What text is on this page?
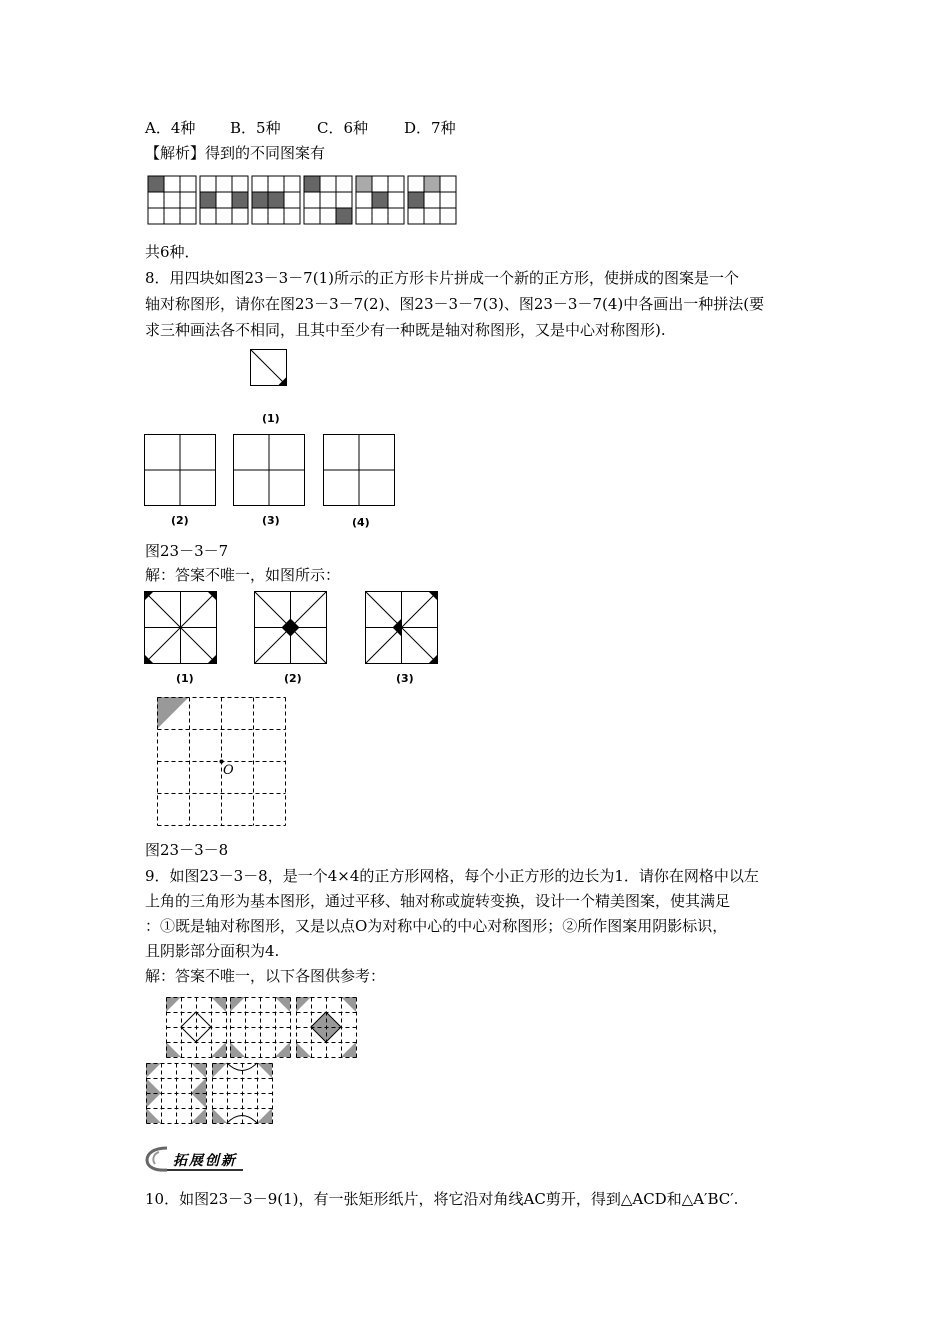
A．4种 B．5种 C．6种 D．7种
【解析】得到的不同图案有
共6种．
8．用四块如图23－3－7(1)所示的正方形卡片拼成一个新的正方形，使拼成的图案是一个
轴对称图形，请你在图23－3－7(2)、图23－3－7(3)、图23－3－7(4)中各画出一种拼法(要
求三种画法各不相同，且其中至少有一种既是轴对称图形，又是中心对称图形).
(1)
(2)	(3)	(4)
图23－3－7
解：答案不唯一，如图所示：
(1)	(2)	(3)
O
图23－3－8
9．如图23－3－8，是一个4×4的正方形网格，每个小正方形的边长为1．请你在网格中以左
上角的三角形为基本图形，通过平移、轴对称或旋转变换，设计一个精美图案，使其满足
：①既是轴对称图形，又是以点O为对称中心的中心对称图形；②所作图案用阴影标识，
且阴影部分面积为4.
解：答案不唯一，以下各图供参考：
拓展创新
10．如图23－3－9(1)，有一张矩形纸片，将它沿对角线AC剪开，得到△ACD和△A′BC′.
